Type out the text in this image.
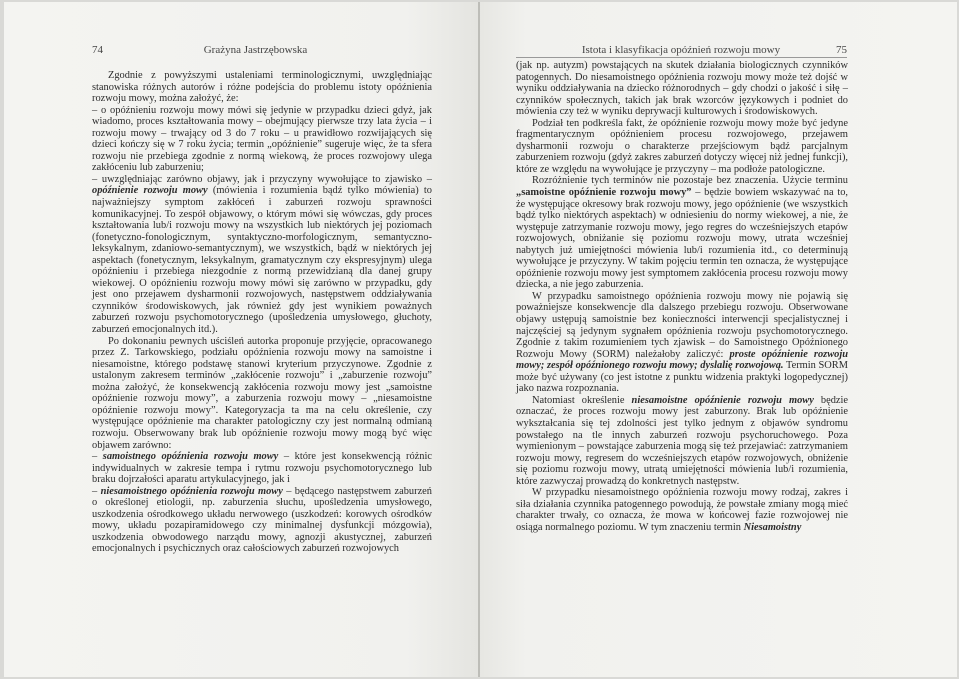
74	Grażyna Jastrzębowska

Zgodnie z powyższymi ustaleniami terminologicznymi, uwzględniając stanowiska różnych autorów i różne podejścia do problemu istoty opóźnienia rozwoju mowy, można założyć, że:

– o opóźnieniu rozwoju mowy mówi się jedynie w przypadku dzieci gdyż, jak wiadomo, proces kształtowania mowy – obejmujący pierwsze trzy lata życia – i rozwoju mowy – trwający od 3 do 7 roku – u prawidłowo rozwijających się dzieci kończy się w 7 roku życia; termin „opóźnienie” sugeruje więc, że ta sfera rozwoju nie przebiega zgodnie z normą wiekową, że proces rozwojowy ulega zakłóceniu lub zaburzeniu;

– uwzględniając zarówno objawy, jak i przyczyny wywołujące to zjawisko – opóźnienie rozwoju mowy (mówienia i rozumienia bądź tylko mówienia) to najważniejszy symptom zakłóceń i zaburzeń rozwoju sprawności komunikacyjnej. To zespół objawowy, o którym mówi się wówczas, gdy proces kształtowania lub/i rozwoju mowy na wszystkich lub niektórych jej poziomach (fonetyczno-fonologicznym, syntaktyczno-morfologicznym, semantyczno-leksykalnym, zdaniowo-semantycznym), we wszystkich, bądź w niektórych jej aspektach (fonetycznym, leksykalnym, gramatycznym czy ekspresyjnym) ulega opóźnieniu i przebiega niezgodnie z normą przewidzianą dla danej grupy wiekowej. O opóźnieniu rozwoju mowy mówi się zarówno w przypadku, gdy jest ono przejawem dysharmonii rozwojowych, następstwem oddziaływania czynników środowiskowych, jak również gdy jest wynikiem poważnych zaburzeń rozwoju psychomotorycznego (upośledzenia umysłowego, głuchoty, zaburzeń emocjonalnych itd.).

Po dokonaniu pewnych uściśleń autorka proponuje przyjęcie, opracowanego przez Z. Tarkowskiego, podziału opóźnienia rozwoju mowy na samoistne i niesamoistne, którego podstawę stanowi kryterium przyczynowe. Zgodnie z ustalonym zakresem terminów „zakłócenie rozwoju” i „zaburzenie rozwoju” można założyć, że konsekwencją zakłócenia rozwoju mowy jest „samoistne opóźnienie rozwoju mowy”, a zaburzenia rozwoju mowy – „niesamoistne opóźnienie rozwoju mowy”. Kategoryzacja ta ma na celu określenie, czy występujące opóźnienie ma charakter patologiczny czy jest normalną odmianą rozwoju. Obserwowany brak lub opóźnienie rozwoju mowy mogą być więc objawem zarówno:

– samoistnego opóźnienia rozwoju mowy – które jest konsekwencją różnic indywidualnych w zakresie tempa i rytmu rozwoju psychomotorycznego lub braku dojrzałości aparatu artykulacyjnego, jak i

– niesamoistnego opóźnienia rozwoju mowy – będącego następstwem zaburzeń o określonej etiologii, np. zaburzenia słuchu, upośledzenia umysłowego, uszkodzenia ośrodkowego układu nerwowego (uszkodzeń: korowych ośrodków mowy, układu pozapiramidowego czy minimalnej dysfunkcji mózgowia), uszkodzenia obwodowego narządu mowy, agnozji akustycznej, zaburzeń emocjonalnych i psychicznych oraz całościowych zaburzeń rozwojowych

Istota i klasyfikacja opóźnień rozwoju mowy	75

(jak np. autyzm) powstających na skutek działania biologicznych czynników patogennych. Do niesamoistnego opóźnienia rozwoju mowy może też dojść w wyniku oddziaływania na dziecko różnorodnych – gdy chodzi o jakość i siłę – czynników społecznych, takich jak brak wzorców językowych i podniet do mówienia czy też w wyniku deprywacji kulturowych i środowiskowych.

Podział ten podkreśla fakt, że opóźnienie rozwoju mowy może być jedyne fragmentarycznym opóźnieniem procesu rozwojowego, przejawem dysharmonii rozwoju o charakterze przejściowym bądź parcjalnym zaburzeniem rozwoju (gdyż zakres zaburzeń dotyczy więcej niż jednej funkcji), które ze względu na wywołujące je przyczyny – ma podłoże patologiczne.

Rozróżnienie tych terminów nie pozostaje bez znaczenia. Użycie terminu „samoistne opóźnienie rozwoju mowy” – będzie bowiem wskazywać na to, że występujące okresowy brak rozwoju mowy, jego opóźnienie (we wszystkich bądź tylko niektórych aspektach) w odniesieniu do normy wiekowej, a nie, że występuje zatrzymanie rozwoju mowy, jego regres do wcześniejszych etapów rozwojowych, obniżanie się poziomu rozwoju mowy, utrata wcześniej nabytych już umiejętności mówienia lub/i rozumienia itd., co determinują wywołujące je przyczyny. W takim pojęciu termin ten oznacza, że występujące opóźnienie rozwoju mowy jest symptomem zakłócenia procesu rozwoju mowy dziecka, a nie jego zaburzenia.

W przypadku samoistnego opóźnienia rozwoju mowy nie pojawią się poważniejsze konsekwencje dla dalszego przebiegu rozwoju. Obserwowane objawy ustępują samoistnie bez konieczności interwencji specjalistycznej i najczęściej są jedynym sygnałem opóźnienia rozwoju psychomotorycznego. Zgodnie z takim rozumieniem tych zjawisk – do Samoistnego Opóźnionego Rozwoju Mowy (SORM) należałoby zaliczyć: proste opóźnienie rozwoju mowy; zespół opóźnionego rozwoju mowy; dyslalię rozwojową. Termin SORM może być używany (co jest istotne z punktu widzenia praktyki logopedycznej) jako nazwa rozpoznania.

Natomiast określenie niesamoistne opóźnienie rozwoju mowy będzie oznaczać, że proces rozwoju mowy jest zaburzony. Brak lub opóźnienie wykształcania się tej zdolności jest tylko jednym z objawów syndromu powstałego na tle innych zaburzeń rozwoju psychoruchowego. Poza wymienionym – powstające zaburzenia mogą się też przejawiać: zatrzymaniem rozwoju mowy, regresem do wcześniejszych etapów rozwojowych, obniżenie się poziomu rozwoju mowy, utratą umiejętności mówienia lub/i rozumienia, które zazwyczaj prowadzą do konkretnych następstw.

W przypadku niesamoistnego opóźnienia rozwoju mowy rodzaj, zakres i siła działania czynnika patogennego powodują, że powstałe zmiany mogą mieć charakter trwały, co oznacza, że mowa w końcowej fazie rozwojowej nie osiąga normalnego poziomu. W tym znaczeniu termin Niesamoistny
